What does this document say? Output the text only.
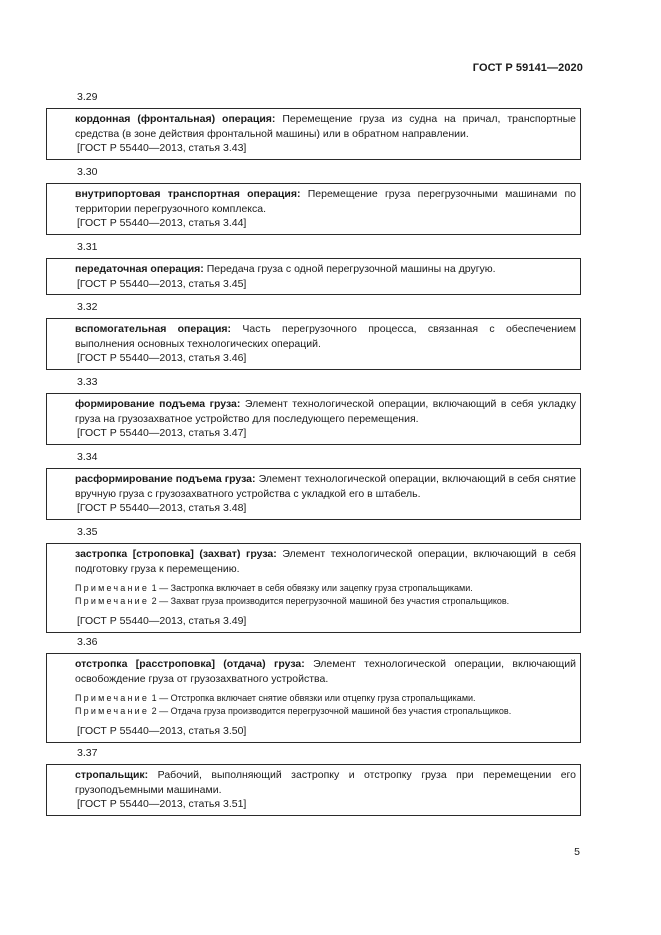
ГОСТ Р 59141—2020
3.29
кордонная (фронтальная) операция: Перемещение груза из судна на причал, транспортные средства (в зоне действия фронтальной машины) или в обратном направлении.
[ГОСТ Р 55440—2013, статья 3.43]
3.30
внутрипортовая транспортная операция: Перемещение груза перегрузочными машинами по территории перегрузочного комплекса.
[ГОСТ Р 55440—2013, статья 3.44]
3.31
передаточная операция: Передача груза с одной перегрузочной машины на другую.
[ГОСТ Р 55440—2013, статья 3.45]
3.32
вспомогательная операция: Часть перегрузочного процесса, связанная с обеспечением выполнения основных технологических операций.
[ГОСТ Р 55440—2013, статья 3.46]
3.33
формирование подъема груза: Элемент технологической операции, включающий в себя укладку груза на грузозахватное устройство для последующего перемещения.
[ГОСТ Р 55440—2013, статья 3.47]
3.34
расформирование подъема груза: Элемент технологической операции, включающий в себя снятие вручную груза с грузозахватного устройства с укладкой его в штабель.
[ГОСТ Р 55440—2013, статья 3.48]
3.35
застропка [строповка] (захват) груза: Элемент технологической операции, включающий в себя подготовку груза к перемещению.
Примечание 1 — Застропка включает в себя обвязку или зацепку груза стропальщиками.
Примечание 2 — Захват груза производится перегрузочной машиной без участия стропальщиков.
[ГОСТ Р 55440—2013, статья 3.49]
3.36
отстропка [расстроповка] (отдача) груза: Элемент технологической операции, включающий освобождение груза от грузозахватного устройства.
Примечание 1 — Отстропка включает снятие обвязки или отцепку груза стропальщиками.
Примечание 2 — Отдача груза производится перегрузочной машиной без участия стропальщиков.
[ГОСТ Р 55440—2013, статья 3.50]
3.37
стропальщик: Рабочий, выполняющий застропку и отстропку груза при перемещении его грузоподъемными машинами.
[ГОСТ Р 55440—2013, статья 3.51]
5
